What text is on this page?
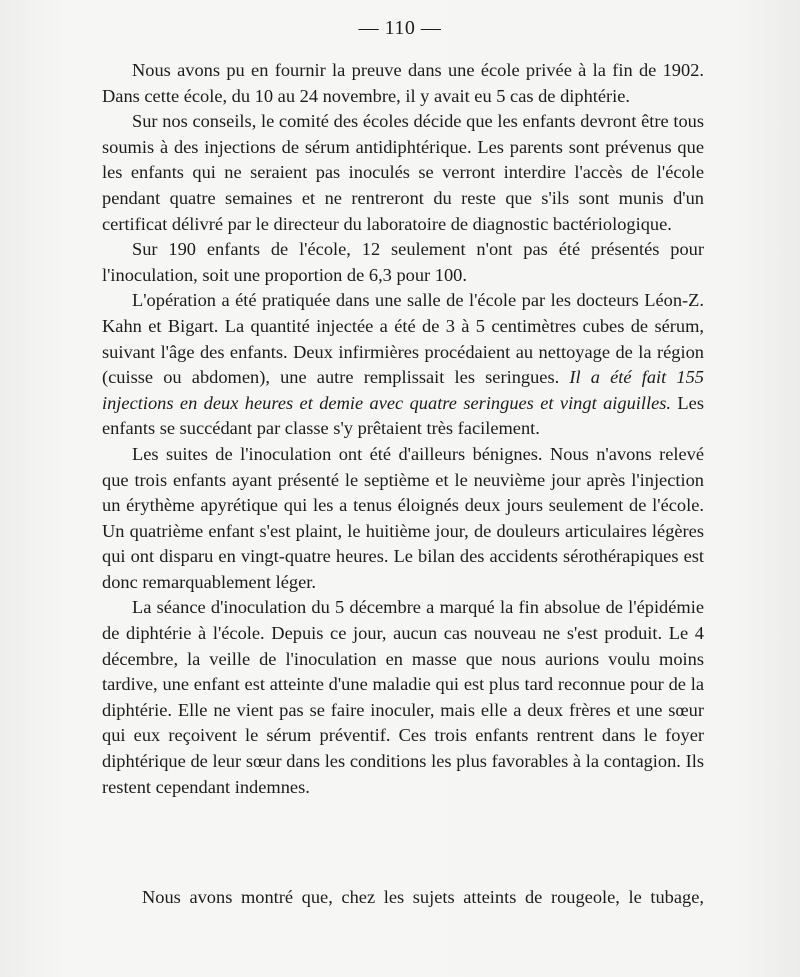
— 110 —

Nous avons pu en fournir la preuve dans une école privée à la fin de 1902. Dans cette école, du 10 au 24 novembre, il y avait eu 5 cas de diphtérie.

Sur nos conseils, le comité des écoles décide que les enfants devront être tous soumis à des injections de sérum antidiphtérique. Les parents sont prévenus que les enfants qui ne seraient pas inoculés se verront interdire l'accès de l'école pendant quatre semaines et ne rentreront du reste que s'ils sont munis d'un certificat délivré par le directeur du laboratoire de diagnostic bactériologique.

Sur 190 enfants de l'école, 12 seulement n'ont pas été présentés pour l'inoculation, soit une proportion de 6,3 pour 100.

L'opération a été pratiquée dans une salle de l'école par les docteurs Léon-Z. Kahn et Bigart. La quantité injectée a été de 3 à 5 centimètres cubes de sérum, suivant l'âge des enfants. Deux infirmières procédaient au nettoyage de la région (cuisse ou abdomen), une autre remplissait les seringues. Il a été fait 155 injections en deux heures et demie avec quatre seringues et vingt aiguilles. Les enfants se succédant par classe s'y prêtaient très facilement.

Les suites de l'inoculation ont été d'ailleurs bénignes. Nous n'avons relevé que trois enfants ayant présenté le septième et le neuvième jour après l'injection un érythème apyrétique qui les a tenus éloignés deux jours seulement de l'école. Un quatrième enfant s'est plaint, le huitième jour, de douleurs articulaires légères qui ont disparu en vingt-quatre heures. Le bilan des accidents sérothérapiques est donc remarquablement léger.

La séance d'inoculation du 5 décembre a marqué la fin absolue de l'épidémie de diphtérie à l'école. Depuis ce jour, aucun cas nouveau ne s'est produit. Le 4 décembre, la veille de l'inoculation en masse que nous aurions voulu moins tardive, une enfant est atteinte d'une maladie qui est plus tard reconnue pour de la diphtérie. Elle ne vient pas se faire inoculer, mais elle a deux frères et une sœur qui eux reçoivent le sérum préventif. Ces trois enfants rentrent dans le foyer diphtérique de leur sœur dans les conditions les plus favorables à la contagion. Ils restent cependant indemnes.

Nous avons montré que, chez les sujets atteints de rougeole, le tubage,
